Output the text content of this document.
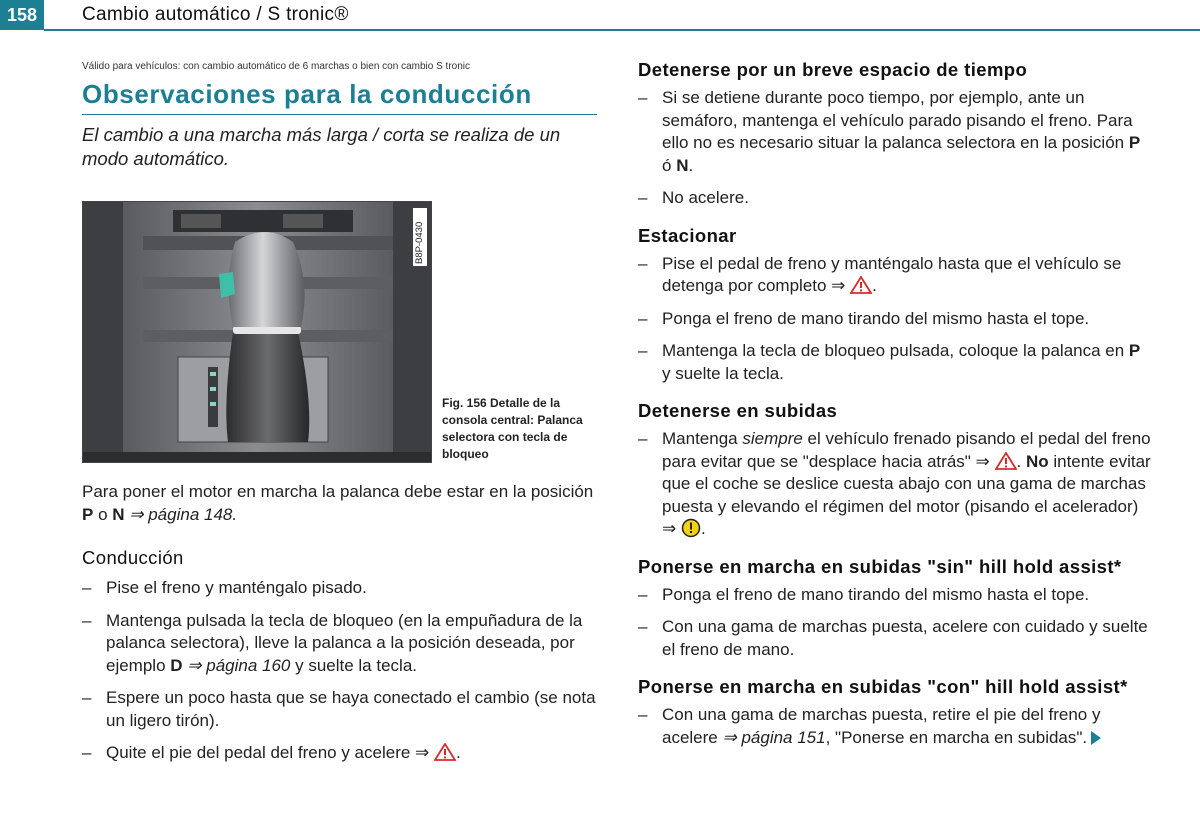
158	Cambio automático / S tronic®
Válido para vehículos: con cambio automático de 6 marchas o bien con cambio S tronic
Observaciones para la conducción

El cambio a una marcha más larga / corta se realiza de un modo automático.

B8P-0430
Fig. 156 Detalle de la consola central: Palanca selectora con tecla de bloqueo

Para poner el motor en marcha la palanca debe estar en la posición P o N ⇒ página 148.

Conducción
– Pise el freno y manténgalo pisado.
– Mantenga pulsada la tecla de bloqueo (en la empuñadura de la palanca selectora), lleve la palanca a la posición deseada, por ejemplo D ⇒ página 160 y suelte la tecla.
– Espere un poco hasta que se haya conectado el cambio (se nota un ligero tirón).
– Quite el pie del pedal del freno y acelere ⇒ .
Detenerse por un breve espacio de tiempo
– Si se detiene durante poco tiempo, por ejemplo, ante un semáforo, mantenga el vehículo parado pisando el freno. Para ello no es necesario situar la palanca selectora en la posición P ó N.
– No acelere.
Estacionar
– Pise el pedal de freno y manténgalo hasta que el vehículo se detenga por completo ⇒ .
– Ponga el freno de mano tirando del mismo hasta el tope.
– Mantenga la tecla de bloqueo pulsada, coloque la palanca en P y suelte la tecla.
Detenerse en subidas
– Mantenga siempre el vehículo frenado pisando el pedal del freno para evitar que se "desplace hacia atrás" ⇒ . No intente evitar que el coche se deslice cuesta abajo con una gama de marchas puesta y elevando el régimen del motor (pisando el acelerador) ⇒ .
Ponerse en marcha en subidas "sin" hill hold assist*
– Ponga el freno de mano tirando del mismo hasta el tope.
– Con una gama de marchas puesta, acelere con cuidado y suelte el freno de mano.
Ponerse en marcha en subidas "con" hill hold assist*
– Con una gama de marchas puesta, retire el pie del freno y acelere ⇒ página 151, "Ponerse en marcha en subidas".
